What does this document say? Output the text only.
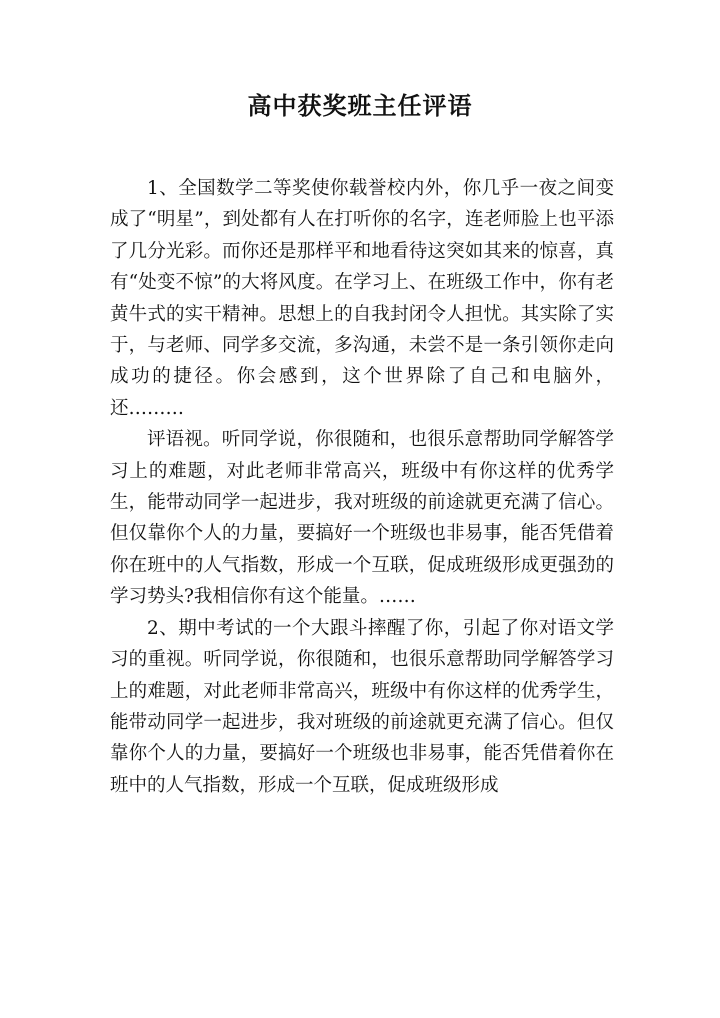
高中获奖班主任评语

1、全国数学二等奖使你载誉校内外，你几乎一夜之间变成了“明星”，到处都有人在打听你的名字，连老师脸上也平添了几分光彩。而你还是那样平和地看待这突如其来的惊喜，真有“处变不惊”的大将风度。在学习上、在班级工作中，你有老黄牛式的实干精神。思想上的自我封闭令人担忧。其实除了实于，与老师、同学多交流，多沟通，未尝不是一条引领你走向成功的捷径。你会感到，这个世界除了自己和电脑外，还………

评语视。听同学说，你很随和，也很乐意帮助同学解答学习上的难题，对此老师非常高兴，班级中有你这样的优秀学生，能带动同学一起进步，我对班级的前途就更充满了信心。但仅靠你个人的力量，要搞好一个班级也非易事，能否凭借着你在班中的人气指数，形成一个互联，促成班级形成更强劲的学习势头?我相信你有这个能量。……

2、期中考试的一个大跟斗摔醒了你，引起了你对语文学习的重视。听同学说，你很随和，也很乐意帮助同学解答学习上的难题，对此老师非常高兴，班级中有你这样的优秀学生，能带动同学一起进步，我对班级的前途就更充满了信心。但仅靠你个人的力量，要搞好一个班级也非易事，能否凭借着你在班中的人气指数，形成一个互联，促成班级形成
